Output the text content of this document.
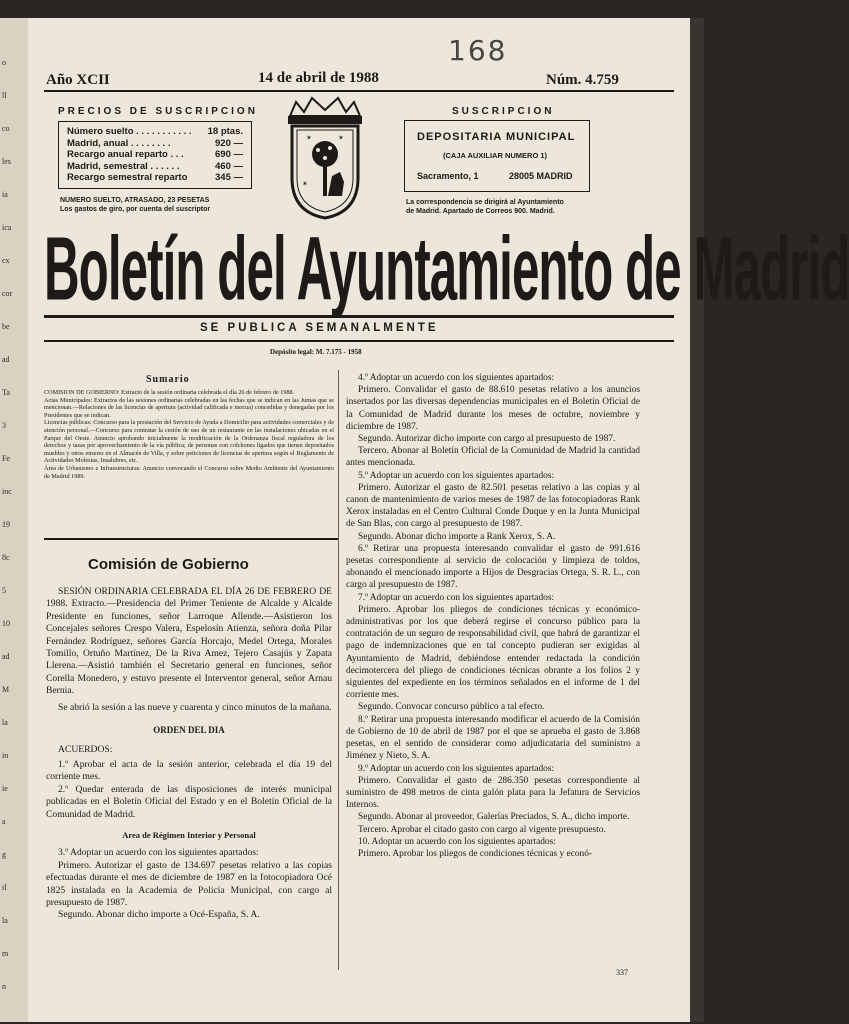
o
ll
co
les
ia
ica
cx
cor
be
ad
Ta
3
Fe
inc
19
8c
5
10
ad
M
la
in
ie
a
g
il
la
m
n
168
Año XCII	14 de abril de 1988	Núm. 4.759
PRECIOS DE SUSCRIPCION
Número suelto . . . . . . . . . . . 18 ptas.
Madrid, anual . . . . . . . .	920 —
Recargo anual reparto . . .	690 —
Madrid, semestral . . . . . .	460 —
Recargo semestral reparto	345 —
NUMERO SUELTO, ATRASADO, 23 PESETAS
Los gastos de giro, por cuenta del suscriptor
✶	✶
✶
SUSCRIPCION
DEPOSITARIA MUNICIPAL
(CAJA AUXILIAR NUMERO 1)
Sacramento, 1	28005 MADRID
La correspondencia se dirigirá al Ayuntamiento
de Madrid. Apartado de Correos 900. Madrid.
Boletín del Ayuntamiento de Madrid
SE PUBLICA SEMANALMENTE
Depósito legal: M. 7.175 - 1958
Sumario

COMISION DE GOBIERNO: Extracto de la sesión ordinaria celebrada el día 26 de febrero de 1988.

Actas Municipales: Extractos de las sesiones ordinarias celebradas en las fechas que se indican en las Juntas que se mencionan.—Relaciones de las licencias de apertura (actividad calificada e inocua) concedidas y denegadas por los Presidentes que se indican.

Licencias públicas: Concurso para la prestación del Servicio de Ayuda a Domicilio para actividades comerciales y de atención personal.—Concurso para contratar la cesión de uso de un restaurante en las instalaciones ubicadas en el Parque del Oeste. Anuncio aprobando inicialmente la modificación de la Ordenanza fiscal reguladora de los derechos y tasas por aprovechamiento de la vía pública; de personas con colchones ligados que tienen depositados muebles y otros enseres en el Almacén de Villa, y sobre peticiones de licencias de apertura según el Reglamento de Actividades Molestas, Insalubres, etc.

Área de Urbanismo e Infraestructuras: Anuncio convocando el Concurso sobre Medio Ambiente del Ayuntamiento de Madrid 1989.

Comisión de Gobierno

SESIÓN ORDINARIA CELEBRADA EL DÍA 26 DE FEBRERO DE 1988. Extracto.—Presidencia del Primer Teniente de Alcalde y Alcalde Presidente en funciones, señor Larroque Allende.—Asistieron los Concejales señores Crespo Valera, Espelosín Atienza, señora doña Pilar Fernández Rodríguez, señores García Horcajo, Medel Ortega, Morales Tomillo, Ortuño Martínez, De la Riva Amez, Tejero Casajús y Zapata Llerena.—Asistió también el Secretario general en funciones, señor Corella Monedero, y estuvo presente el Interventor general, señor Arnau Bernia.

Se abrió la sesión a las nueve y cuarenta y cinco minutos de la mañana.

ORDEN DEL DIA

ACUERDOS:

1.º Aprobar el acta de la sesión anterior, celebrada el día 19 del corriente mes.

2.º Quedar enterada de las disposiciones de interés municipal publicadas en el Boletín Oficial del Estado y en el Boletín Oficial de la Comunidad de Madrid.

Area de Régimen Interior y Personal

3.º Adoptar un acuerdo con los siguientes apartados:

Primero. Autorizar el gasto de 134.697 pesetas relativo a las copias efectuadas durante el mes de diciembre de 1987 en la fotocopiadora Océ 1825 instalada en la Academia de Policía Municipal, con cargo al presupuesto de 1987.

Segundo. Abonar dicho importe a Océ-España, S. A.

4.º Adoptar un acuerdo con los siguientes apartados:

Primero. Convalidar el gasto de 88.610 pesetas relativo a los anuncios insertados por las diversas dependencias municipales en el Boletín Oficial de la Comunidad de Madrid durante los meses de octubre, noviembre y diciembre de 1987.

Segundo. Autorizar dicho importe con cargo al presupuesto de 1987.

Tercero. Abonar al Boletín Oficial de la Comunidad de Madrid la cantidad antes mencionada.

5.º Adoptar un acuerdo con los siguientes apartados:

Primero. Autorizar el gasto de 82.501 pesetas relativo a las copias y al canon de mantenimiento de varios meses de 1987 de las fotocopiadoras Rank Xerox instaladas en el Centro Cultural Conde Duque y en la Junta Municipal de San Blas, con cargo al presupuesto de 1987.

Segundo. Abonar dicho importe a Rank Xerox, S. A.

6.º Retirar una propuesta interesando convalidar el gasto de 991.616 pesetas correspondiente al servicio de colocación y limpieza de toldos, abonando el mencionado importe a Hijos de Desgracias Ortega, S. R. L., con cargo al presupuesto de 1987.

7.º Adoptar un acuerdo con los siguientes apartados:

Primero. Aprobar los pliegos de condiciones técnicas y económico-administrativas por los que deberá regirse el concurso público para la contratación de un seguro de responsabilidad civil, que habrá de garantizar el pago de indemnizaciones que en tal concepto pudieran ser exigidas al Ayuntamiento de Madrid, debiéndose entender redactada la condición decimotercera del pliego de condiciones técnicas obrante a los folios 2 y siguientes del expediente en los términos señalados en el informe de 1 del corriente mes.

Segundo. Convocar concurso público a tal efecto.

8.º Retirar una propuesta interesando modificar el acuerdo de la Comisión de Gobierno de 10 de abril de 1987 por el que se aprueba el gasto de 3.868 pesetas, en el sentido de considerar como adjudicataria del suministro a Jiménez y Nieto, S. A.

9.º Adoptar un acuerdo con los siguientes apartados:

Primero. Convalidar el gasto de 286.350 pesetas correspondiente al suministro de 498 metros de cinta galón plata para la Jefatura de Servicios Internos.

Segundo. Abonar al proveedor, Galerías Preciados, S. A., dicho importe.

Tercero. Aprobar el citado gasto con cargo al vigente presupuesto.

10. Adoptar un acuerdo con los siguientes apartados:

Primero. Aprobar los pliegos de condiciones técnicas y econó-

337
